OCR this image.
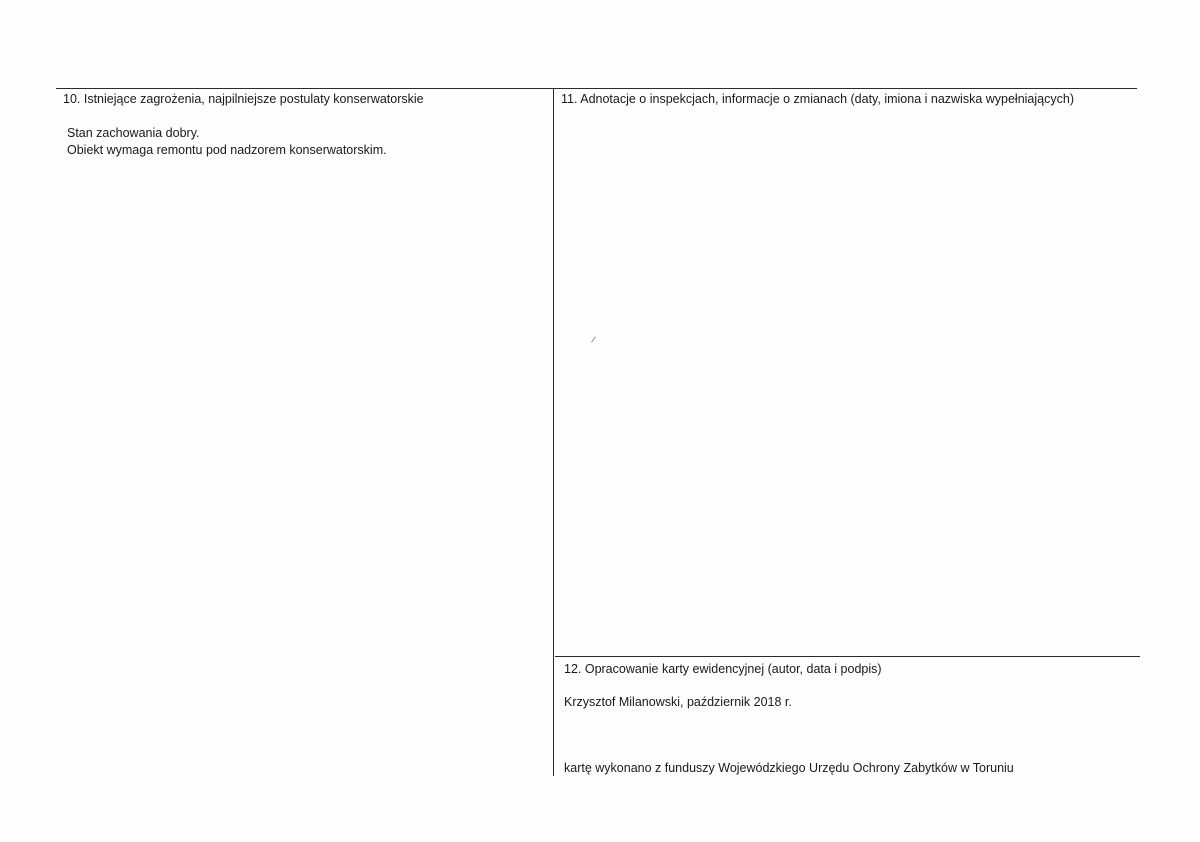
10. Istniejące zagrożenia, najpilniejsze postulaty konserwatorskie
Stan zachowania dobry.
Obiekt wymaga remontu pod nadzorem konserwatorskim.
11. Adnotacje o inspekcjach, informacje o zmianach (daty, imiona i nazwiska wypełniających)
12. Opracowanie karty ewidencyjnej (autor, data i podpis)
Krzysztof Milanowski, październik 2018 r.
kartę wykonano z funduszy Wojewódzkiego Urzędu Ochrony Zabytków w Toruniu
